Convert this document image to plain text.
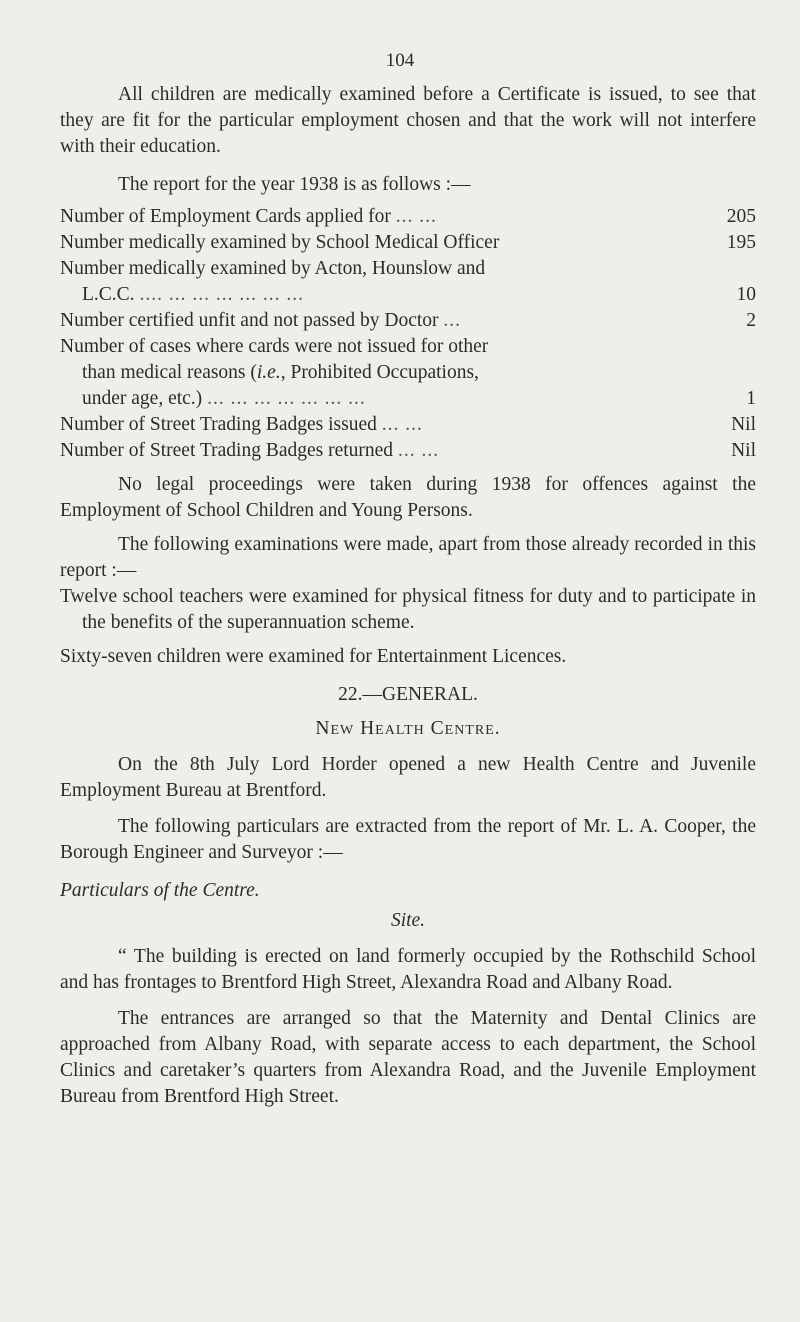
104

All children are medically examined before a Certificate is issued, to see that they are fit for the particular employment chosen and that the work will not interfere with their education.

The report for the year 1938 is as follows :—

Number of Employment Cards applied for ... ...	205
Number medically examined by School Medical Officer	195
Number medically examined by Acton, Hounslow and
L.C.C. .... ... ... ... ... ... ...	10
Number certified unfit and not passed by Doctor ...	2
Number of cases where cards were not issued for other
than medical reasons (i.e., Prohibited Occupations,
under age, etc.) ... ... ... ... ... ... ...	1
Number of Street Trading Badges issued ... ...	Nil
Number of Street Trading Badges returned ... ...	Nil

No legal proceedings were taken during 1938 for offences against the Employment of School Children and Young Persons.

The following examinations were made, apart from those already recorded in this report :—

Twelve school teachers were examined for physical fitness for duty and to participate in the benefits of the superannuation scheme.

Sixty-seven children were examined for Entertainment Licences.

22.—GENERAL.
New Health Centre.

On the 8th July Lord Horder opened a new Health Centre and Juvenile Employment Bureau at Brentford.

The following particulars are extracted from the report of Mr. L. A. Cooper, the Borough Engineer and Surveyor :—

Particulars of the Centre.
Site.

“ The building is erected on land formerly occupied by the Rothschild School and has frontages to Brentford High Street, Alexandra Road and Albany Road.

The entrances are arranged so that the Maternity and Dental Clinics are approached from Albany Road, with separate access to each department, the School Clinics and caretaker’s quarters from Alexandra Road, and the Juvenile Employment Bureau from Brentford High Street.
